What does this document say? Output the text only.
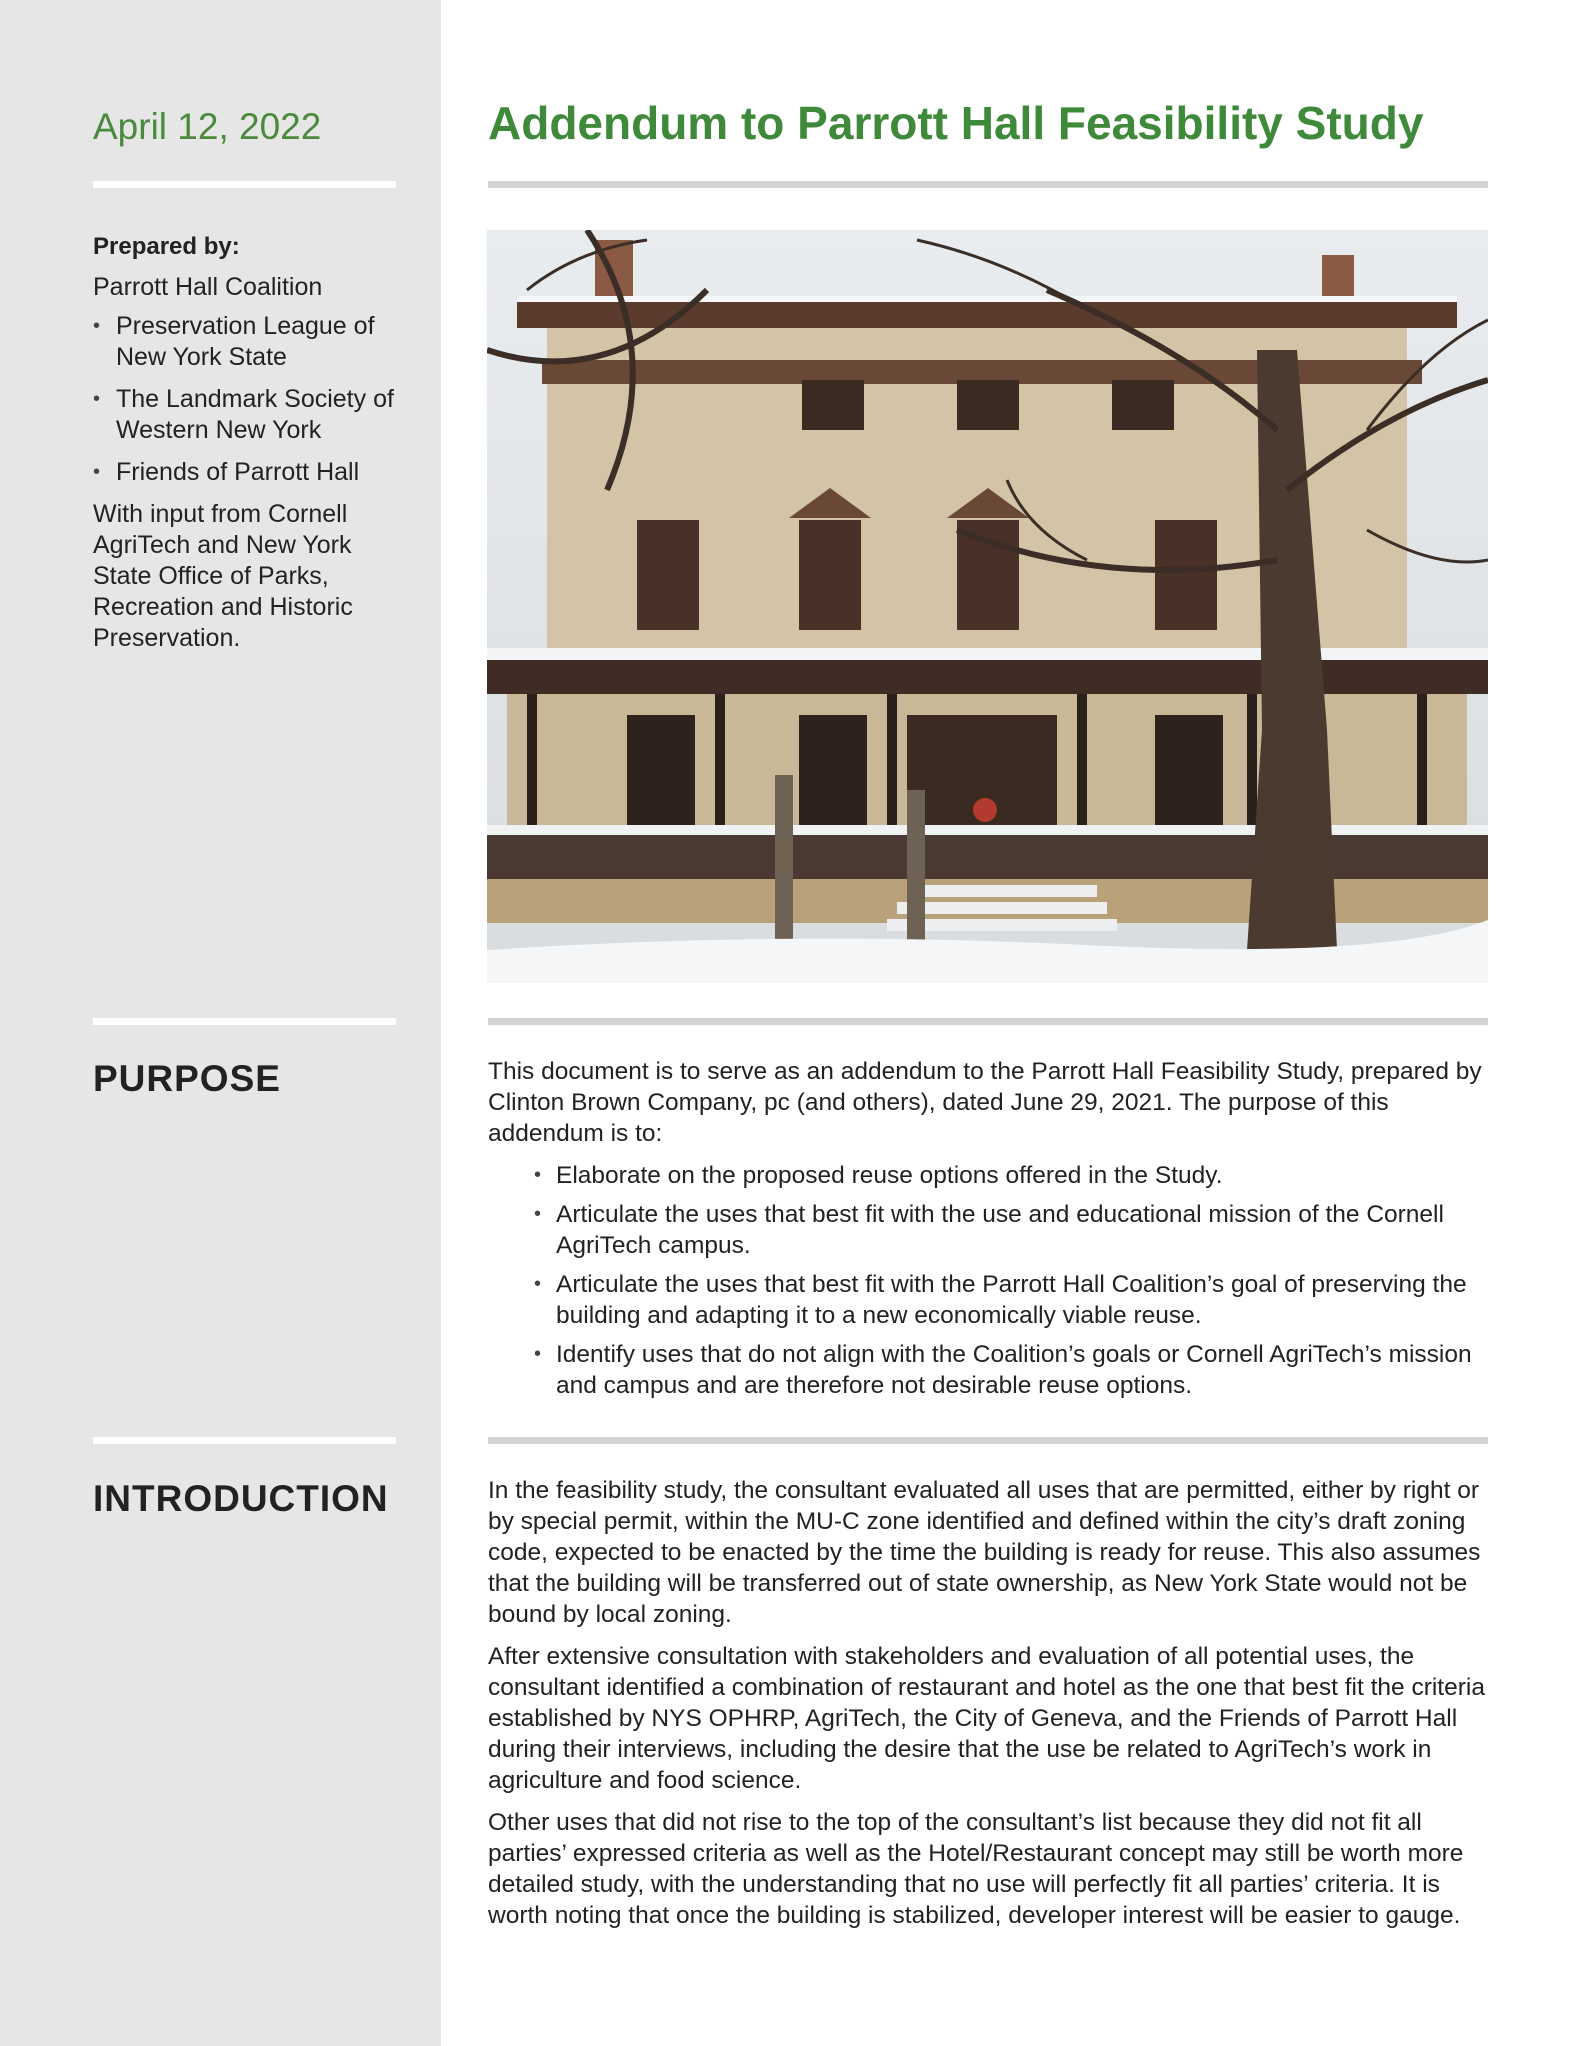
April 12, 2022	Addendum to Parrott Hall Feasibility Study
Prepared by:
Parrott Hall Coalition
• Preservation League of New York State
• The Landmark Society of Western New York
• Friends of Parrott Hall
With input from Cornell AgriTech and New York State Office of Parks, Recreation and Historic Preservation.
PURPOSE	This document is to serve as an addendum to the Parrott Hall Feasibility Study, prepared by Clinton Brown Company, pc (and others), dated June 29, 2021. The purpose of this addendum is to:

• Elaborate on the proposed reuse options offered in the Study.
• Articulate the uses that best fit with the use and educational mission of the Cornell AgriTech campus.
• Articulate the uses that best fit with the Parrott Hall Coalition’s goal of preserving the building and adapting it to a new economically viable reuse.
• Identify uses that do not align with the Coalition’s goals or Cornell AgriTech’s mission and campus and are therefore not desirable reuse options.
INTRODUCTION	In the feasibility study, the consultant evaluated all uses that are permitted, either by right or by special permit, within the MU-C zone identified and defined within the city’s draft zoning code, expected to be enacted by the time the building is ready for reuse. This also assumes that the building will be transferred out of state ownership, as New York State would not be bound by local zoning.

After extensive consultation with stakeholders and evaluation of all potential uses, the consultant identified a combination of restaurant and hotel as the one that best fit the criteria established by NYS OPHRP, AgriTech, the City of Geneva, and the Friends of Parrott Hall during their interviews, including the desire that the use be related to AgriTech’s work in agriculture and food science.

Other uses that did not rise to the top of the consultant’s list because they did not fit all parties’ expressed criteria as well as the Hotel/Restaurant concept may still be worth more detailed study, with the understanding that no use will perfectly fit all parties’ criteria. It is worth noting that once the building is stabilized, developer interest will be easier to gauge.
